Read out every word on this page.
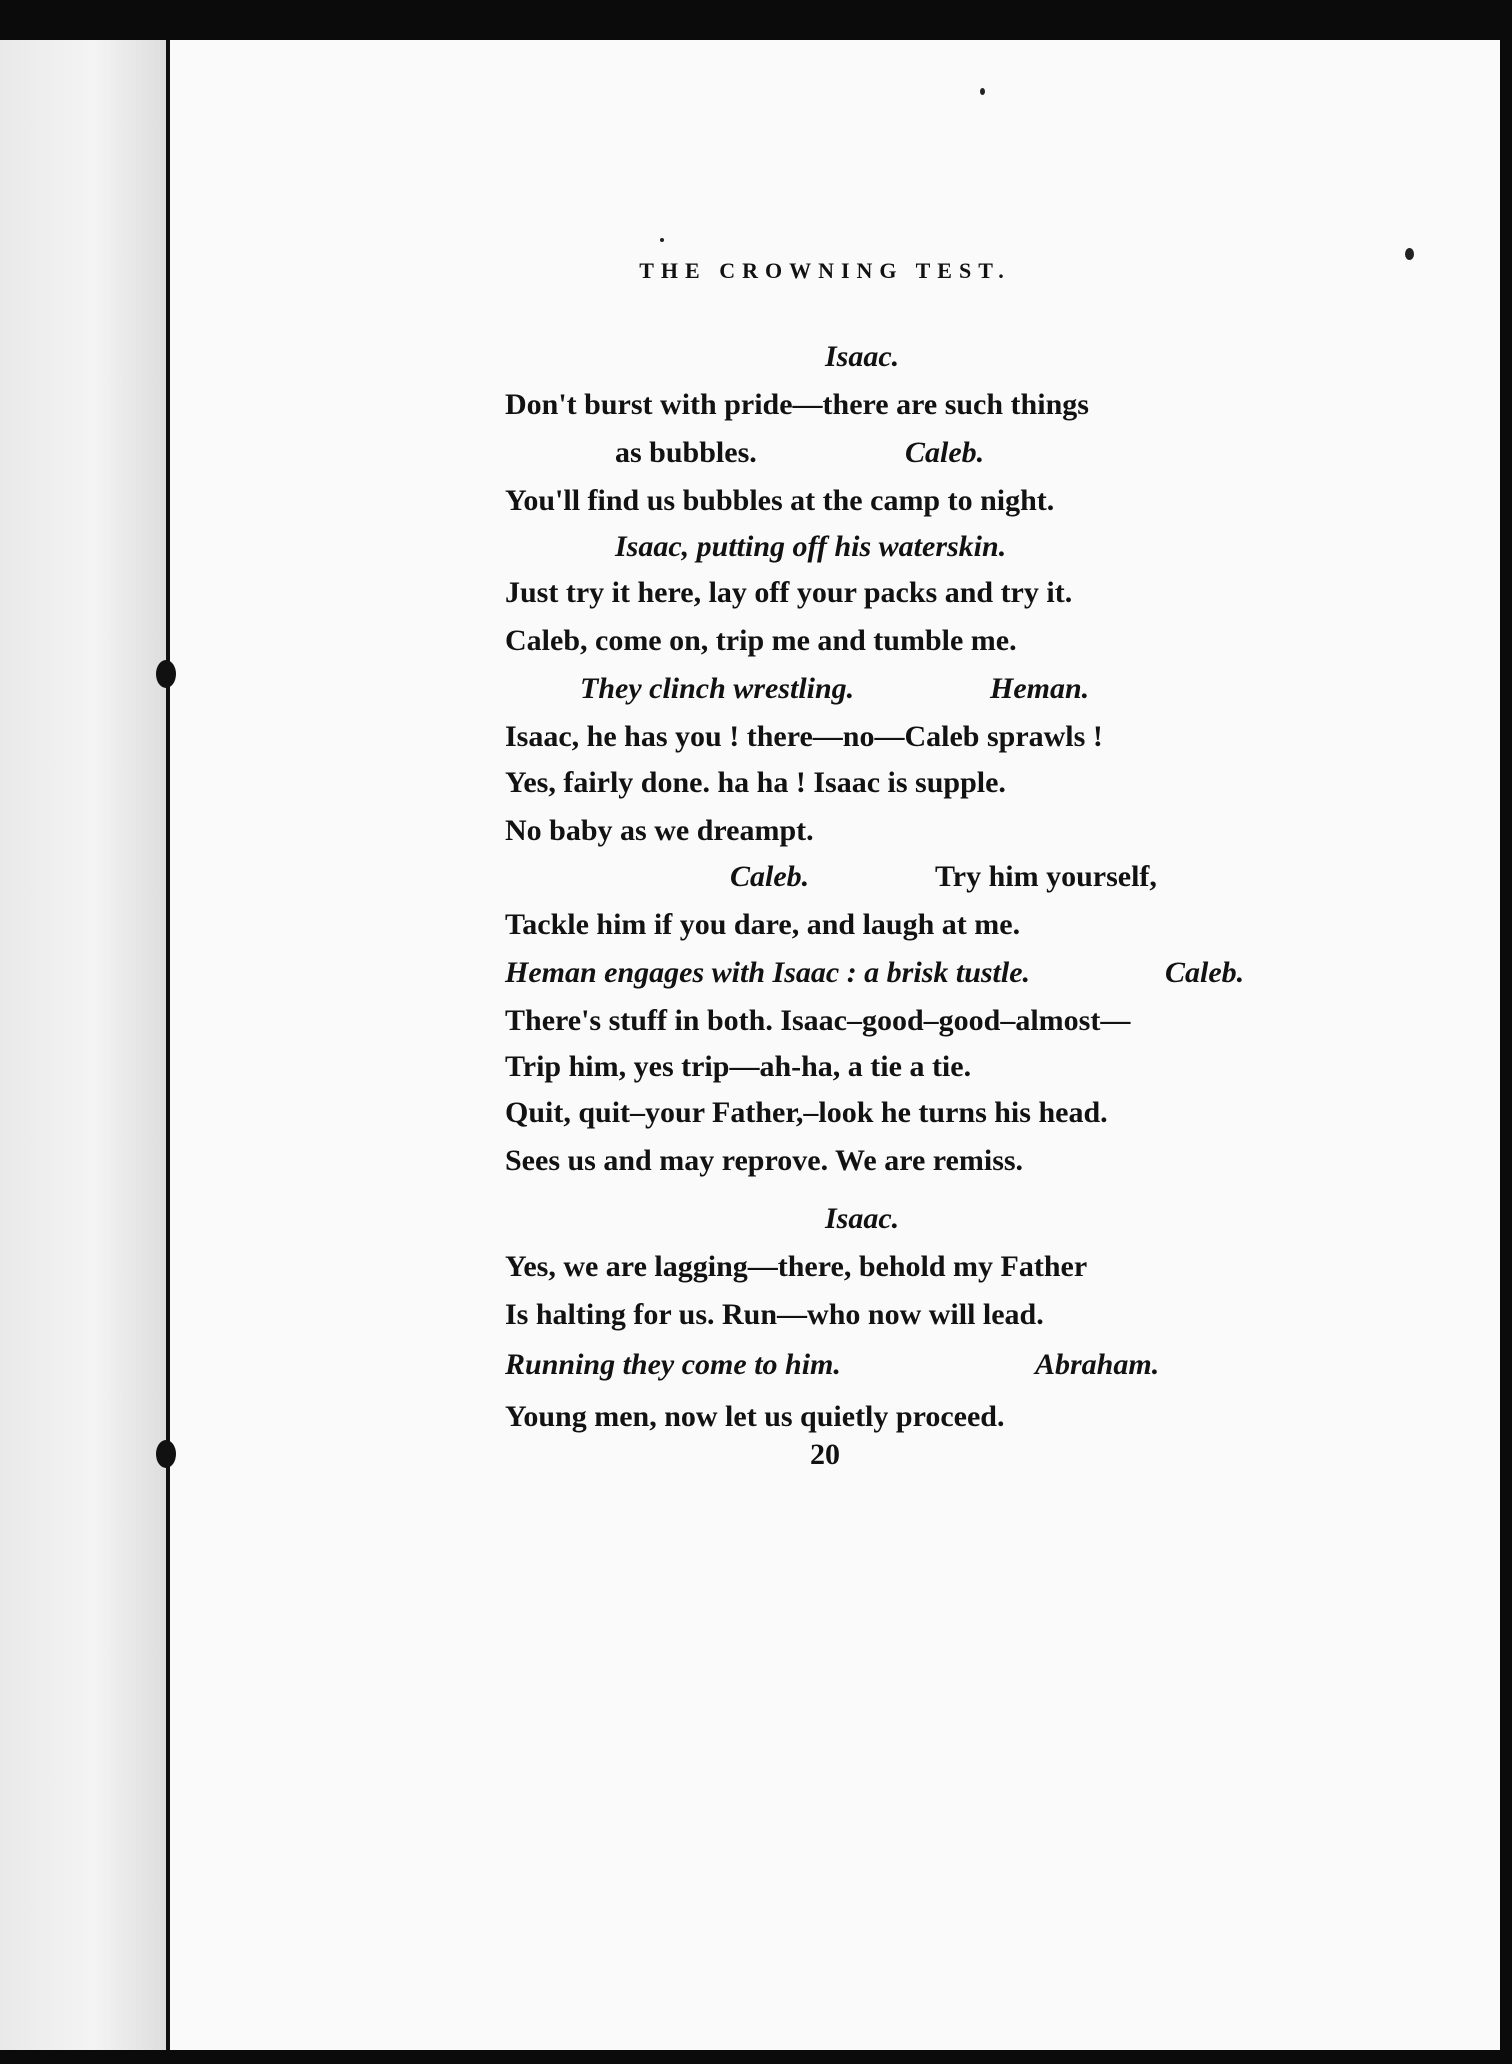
THE CROWNING TEST.
20
Isaac.
Don't burst with pride—there are such things
as bubbles.	Caleb.
You'll find us bubbles at the camp to night.
Isaac, putting off his waterskin.
Just try it here, lay off your packs and try it.
Caleb, come on, trip me and tumble me.
They clinch wrestling.	Heman.
Isaac, he has you ! there—no—Caleb sprawls !
Yes, fairly done. ha ha ! Isaac is supple.
No baby as we dreampt.
Caleb.	Try him yourself,
Tackle him if you dare, and laugh at me.
Heman engages with Isaac : a brisk tustle.	Caleb.
There's stuff in both. Isaac–good–good–almost—
Trip him, yes trip—ah-ha, a tie a tie.
Quit, quit–your Father,–look he turns his head.
Sees us and may reprove. We are remiss.
Isaac.
Yes, we are lagging—there, behold my Father
Is halting for us. Run—who now will lead.
Running they come to him.	Abraham.
Young men, now let us quietly proceed.
